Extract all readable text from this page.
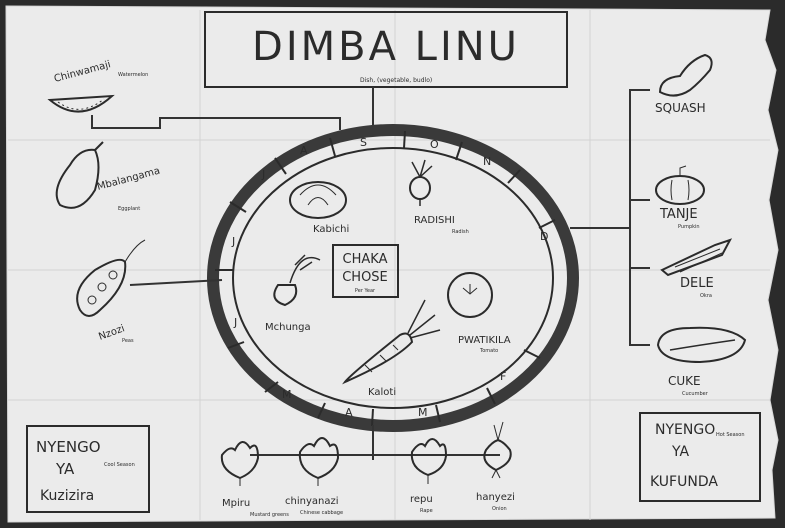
DIMBA LINU
Dish, (vegetable, budlo)
J
A
S	O
N
D
J
F
M
A	M
J
CHAKA
CHOSE
Per Year
Chinwamaji Watermelon
Mbalangama
Eggplant
Nzozi
Peas
Kabichi
RADISHI
Radish
Mchunga
PWATIKILA
Tomato
Kaloti
SQUASH
TANJE
Pumpkin
DELE
Okra
CUKE
Cucumber
Mpiru
Mustard greens
chinyanazi
Chinese cabbage
repu
Rape
hanyezi
Onion
NYENGO
YA
Kuzizira
Cool Season
NYENGO
YA
KUFUNDA
Hot Season
